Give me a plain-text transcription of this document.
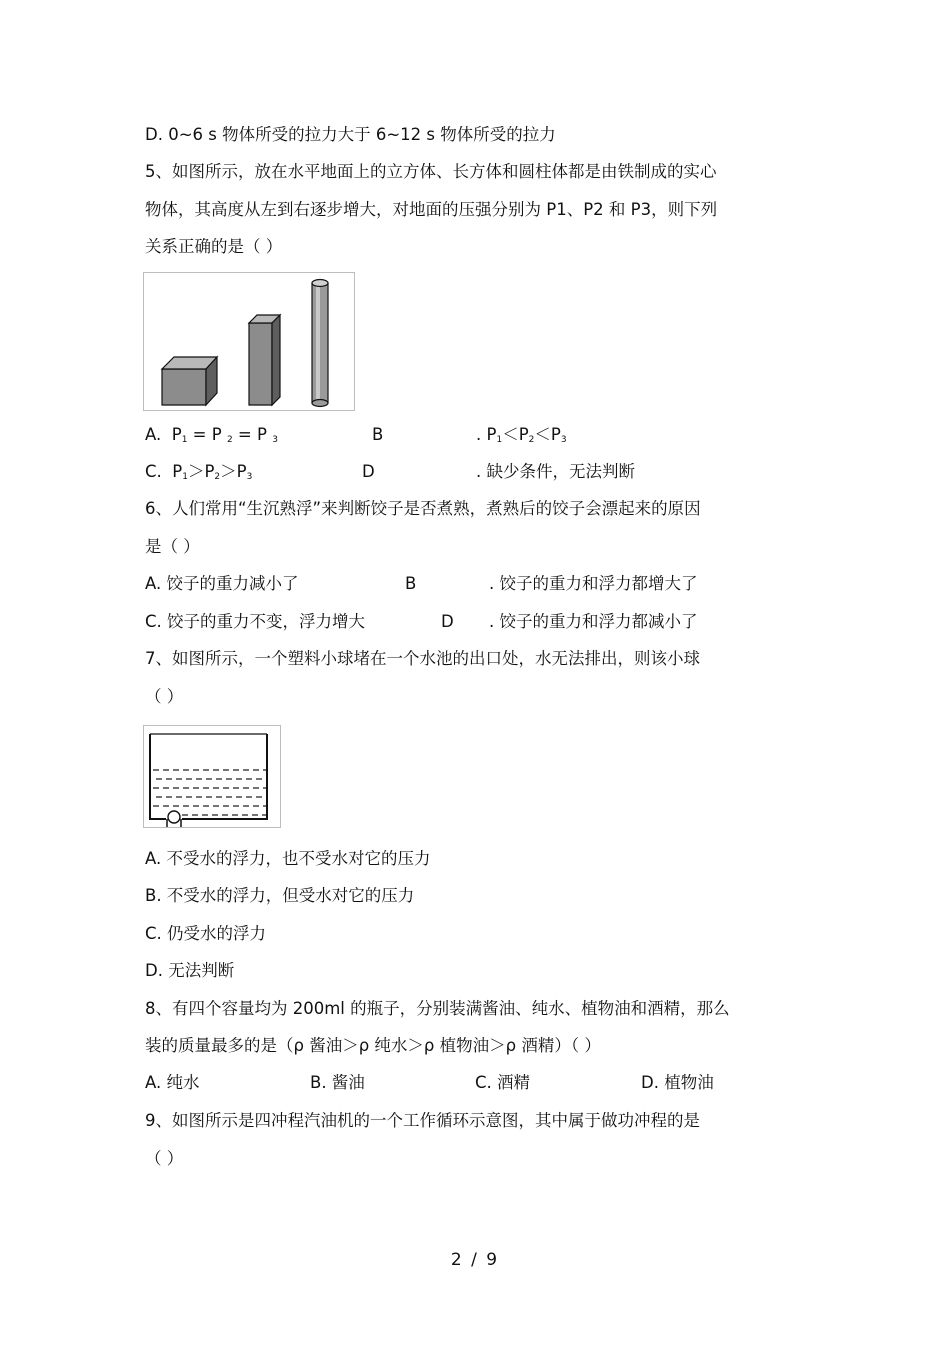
D. 0~6 s 物体所受的拉力大于 6~12 s 物体所受的拉力
5、如图所示，放在水平地面上的立方体、长方体和圆柱体都是由铁制成的实心
物体，其高度从左到右逐步增大，对地面的压强分别为 P1、P2 和 P3，则下列
关系正确的是（ ）
A. $P_1 = P$ $_2$ = P $_3$	B	. $P_1<P_2<P_3$
C. $P_1>P_2>P_3$	D	. 缺少条件，无法判断
6、人们常用“生沉熟浮”来判断饺子是否煮熟，煮熟后的饺子会漂起来的原因
是（ ）
A. 饺子的重力减小了	B	. 饺子的重力和浮力都增大了
C. 饺子的重力不变，浮力增大	D . 饺子的重力和浮力都减小了
7、如图所示，一个塑料小球堵在一个水池的出口处，水无法排出，则该小球
（ ）
A. 不受水的浮力，也不受水对它的压力
B. 不受水的浮力，但受水对它的压力
C. 仍受水的浮力
D. 无法判断
8、有四个容量均为 200ml 的瓶子，分别装满酱油、纯水、植物油和酒精，那么
装的质量最多的是（ρ 酱油＞ρ 纯水＞ρ 植物油＞ρ 酒精）（ ）
A. 纯水	B. 酱油	C. 酒精	D. 植物油
9、如图所示是四冲程汽油机的一个工作循环示意图，其中属于做功冲程的是
（ ）
2 / 9
